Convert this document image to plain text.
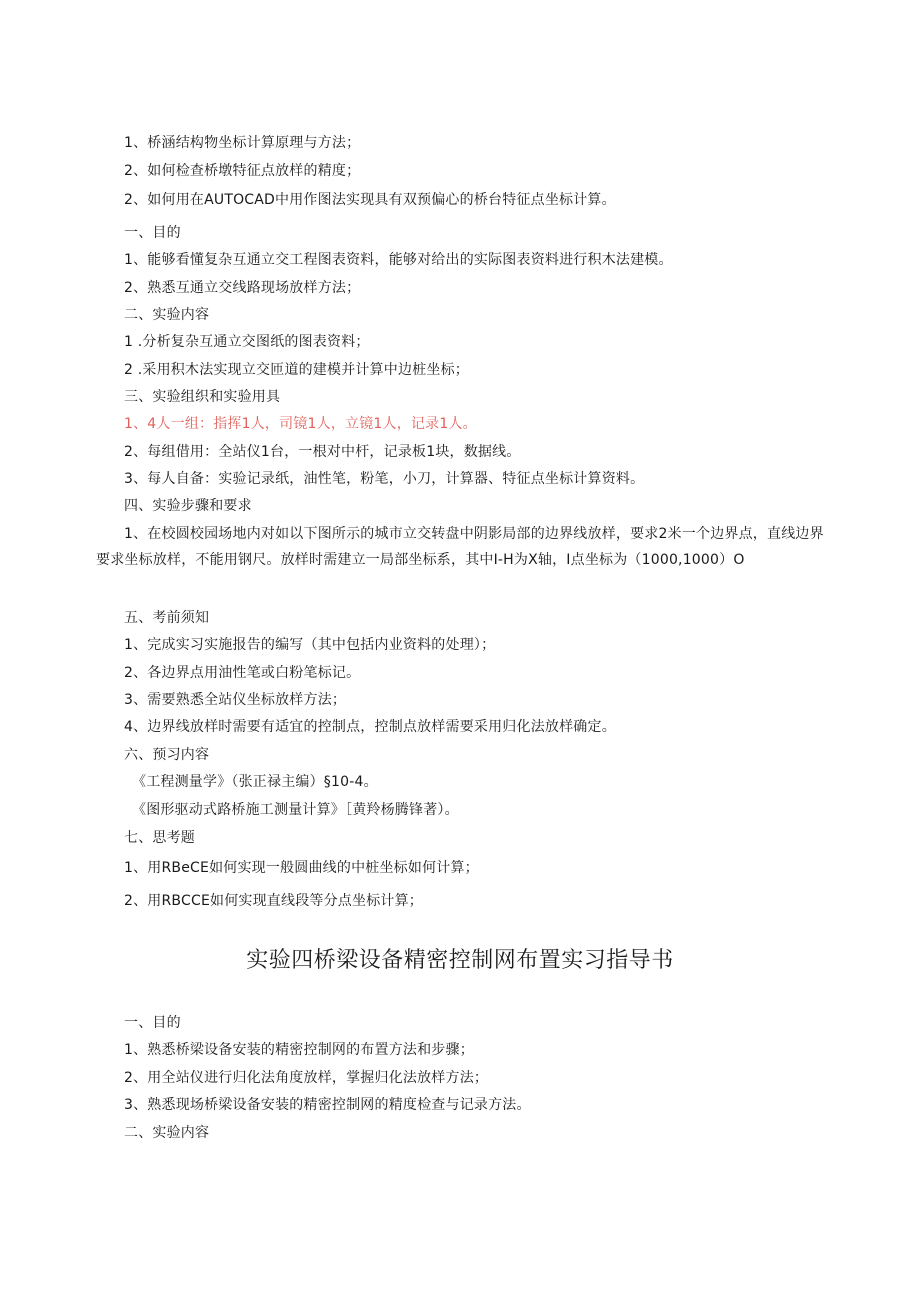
1、桥涵结构物坐标计算原理与方法；
2、如何检查桥墩特征点放样的精度；
2、如何用在AUTOCAD中用作图法实现具有双预偏心的桥台特征点坐标计算。
一、目的
1、能够看懂复杂互通立交工程图表资料，能够对给出的实际图表资料进行积木法建模。
2、熟悉互通立交线路现场放样方法；
二、实验内容
1 .分析复杂互通立交图纸的图表资料；
2 .采用积木法实现立交匝道的建模并计算中边桩坐标；
三、实验组织和实验用具
1、4人一组：指挥1人，司镜1人，立镜1人，记录1人。
2、每组借用：全站仪1台，一根对中杆，记录板1块，数据线。
3、每人自备：实验记录纸，油性笔，粉笔，小刀，计算器、特征点坐标计算资料。
四、实验步骤和要求
1、在校圆校园场地内对如以下图所示的城市立交转盘中阴影局部的边界线放样，要求2米一个边界点，直线边界要求坐标放样，不能用钢尺。放样时需建立一局部坐标系，其中I-H为X轴，I点坐标为（1000,1000）O
五、考前须知
1、完成实习实施报告的编写（其中包括内业资料的处理）；
2、各边界点用油性笔或白粉笔标记。
3、需要熟悉全站仪坐标放样方法；
4、边界线放样时需要有适宜的控制点，控制点放样需要采用归化法放样确定。
六、预习内容
《工程测量学》（张正禄主编）§10-4。
《图形驱动式路桥施工测量计算》［黄羚杨腾锋著）。
七、思考题
1、用RBeCE如何实现一般圆曲线的中桩坐标如何计算；
2、用RBCCE如何实现直线段等分点坐标计算；
实验四桥梁设备精密控制网布置实习指导书
一、目的
1、熟悉桥梁设备安装的精密控制网的布置方法和步骤；
2、用全站仪进行归化法角度放样，掌握归化法放样方法；
3、熟悉现场桥梁设备安装的精密控制网的精度检查与记录方法。
二、实验内容
